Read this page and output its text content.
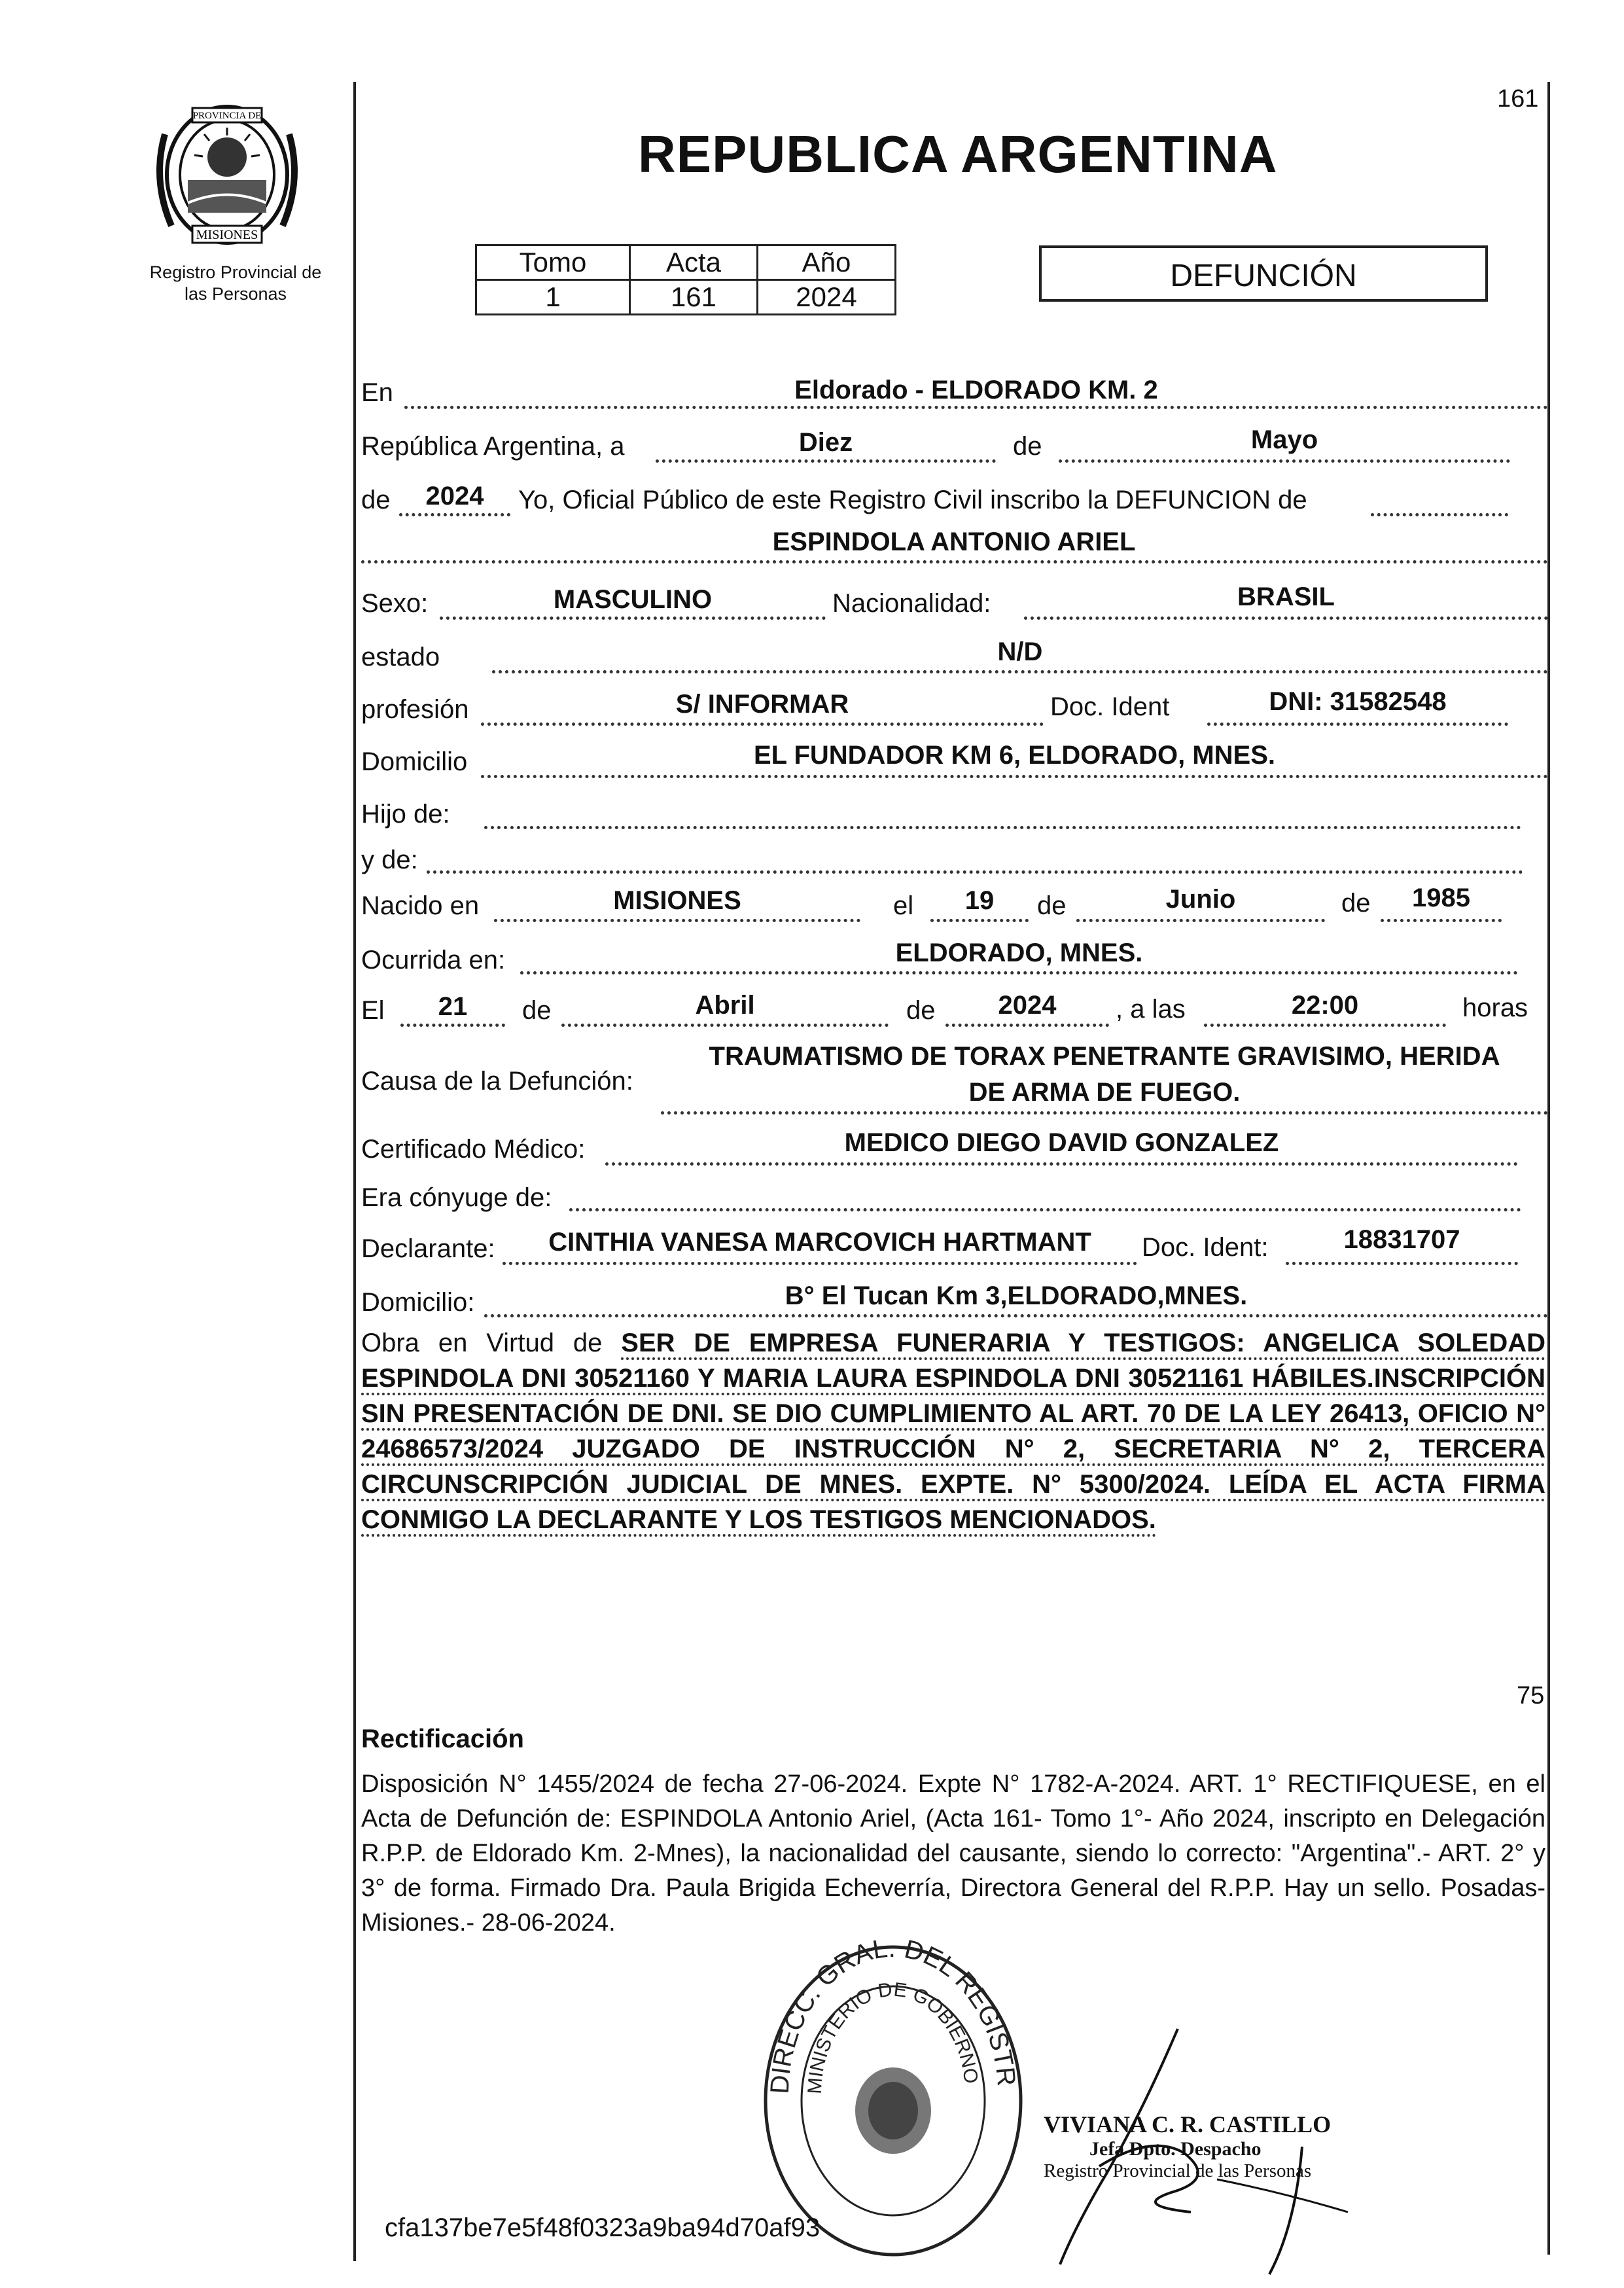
PROVINCIA DE
MISIONES
Registro Provincial de
las Personas
161
REPUBLICA ARGENTINA
Tomo	Acta	Año
1	161	2024
DEFUNCIÓN
En	Eldorado - ELDORADO KM. 2
República Argentina, a	Diez	de	Mayo
de	2024	Yo, Oficial Público de este Registro Civil inscribo la DEFUNCION de
ESPINDOLA ANTONIO ARIEL
Sexo:	MASCULINO	Nacionalidad:	BRASIL
estado	N/D
profesión	S/ INFORMAR	Doc. Ident	DNI: 31582548
Domicilio	EL FUNDADOR KM 6, ELDORADO, MNES.
Hijo de:
y de:
Nacido en	MISIONES	el	19	de	Junio	de	1985
Ocurrida en:	ELDORADO, MNES.
El	21	de	Abril	de	2024	, a las	22:00	horas
Causa de la Defunción:
TRAUMATISMO DE TORAX PENETRANTE GRAVISIMO, HERIDA
DE ARMA DE FUEGO.
Certificado Médico:	MEDICO DIEGO DAVID GONZALEZ
Era cónyuge de:
Declarante:	CINTHIA VANESA MARCOVICH HARTMANT	Doc. Ident:	18831707
Domicilio:	B° El Tucan Km 3,ELDORADO,MNES.
Obra en Virtud de SER DE EMPRESA FUNERARIA Y TESTIGOS: ANGELICA SOLEDAD ESPINDOLA DNI 30521160 Y MARIA LAURA ESPINDOLA DNI 30521161 HÁBILES.INSCRIPCIÓN SIN PRESENTACIÓN DE DNI. SE DIO CUMPLIMIENTO AL ART. 70 DE LA LEY 26413, OFICIO N° 24686573/2024 JUZGADO DE INSTRUCCIÓN N° 2, SECRETARIA N° 2, TERCERA CIRCUNSCRIPCIÓN JUDICIAL DE MNES. EXPTE. N° 5300/2024. LEÍDA EL ACTA FIRMA CONMIGO LA DECLARANTE Y LOS TESTIGOS MENCIONADOS.
75
Rectificación
Disposición N° 1455/2024 de fecha 27-06-2024. Expte N° 1782-A-2024. ART. 1° RECTIFIQUESE, en el Acta de Defunción de: ESPINDOLA Antonio Ariel, (Acta 161- Tomo 1°- Año 2024, inscripto en Delegación R.P.P. de Eldorado Km. 2-Mnes), la nacionalidad del causante, siendo lo correcto: "Argentina".- ART. 2° y 3° de forma. Firmado Dra. Paula Brigida Echeverría, Directora General del R.P.P. Hay un sello. Posadas- Misiones.- 28-06-2024.
DIRECC. GRAL. DEL REGISTR
MINISTERIO DE GOBIERNO
VIVIANA C. R. CASTILLO
Jefa Dpto. Despacho
Registro Provincial de las Personas
cfa137be7e5f48f0323a9ba94d70af93
